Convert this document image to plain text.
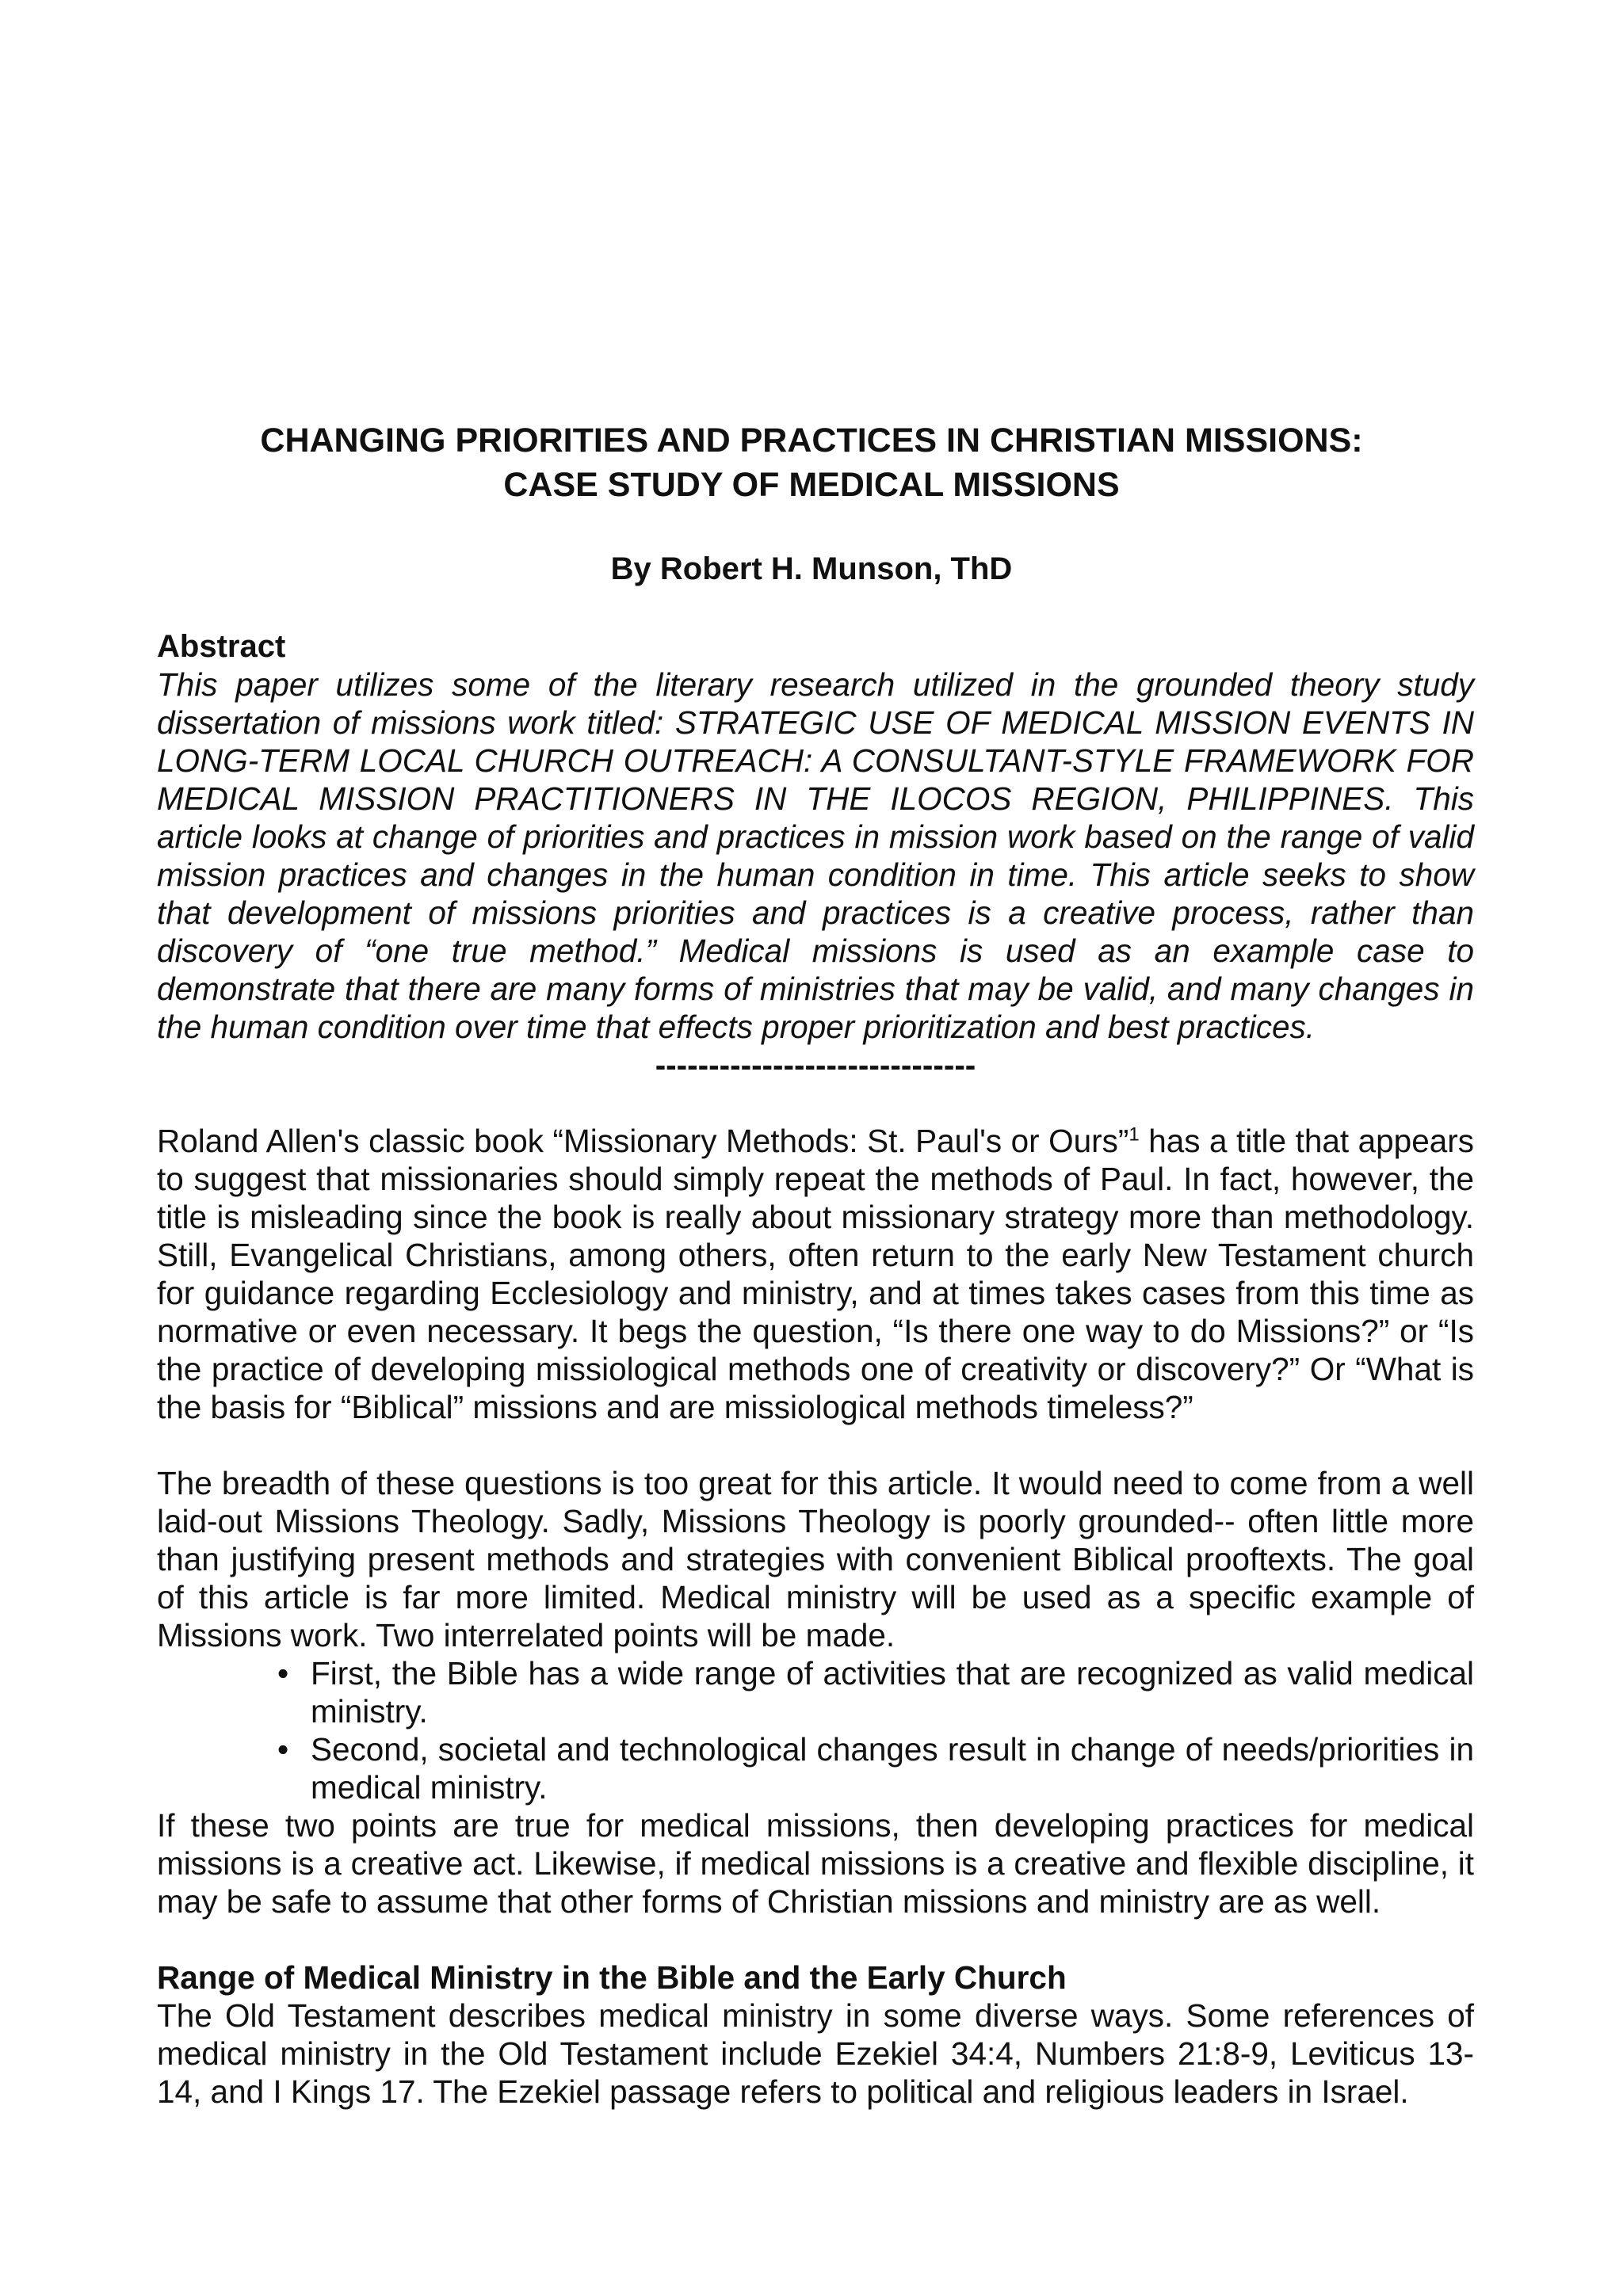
CHANGING PRIORITIES AND PRACTICES IN CHRISTIAN MISSIONS:
CASE STUDY OF MEDICAL MISSIONS
By Robert H. Munson, ThD

Abstract

This paper utilizes some of the literary research utilized in the grounded theory study dissertation of missions work titled: STRATEGIC USE OF MEDICAL MISSION EVENTS IN LONG-TERM LOCAL CHURCH OUTREACH: A CONSULTANT-STYLE FRAMEWORK FOR MEDICAL MISSION PRACTITIONERS IN THE ILOCOS REGION, PHILIPPINES. This article looks at change of priorities and practices in mission work based on the range of valid mission practices and changes in the human condition in time. This article seeks to show that development of missions priorities and practices is a creative process, rather than discovery of “one true method.” Medical missions is used as an example case to demonstrate that there are many forms of ministries that may be valid, and many changes in the human condition over time that effects proper prioritization and best practices.

------------------------------

Roland Allen's classic book “Missionary Methods: St. Paul's or Ours”$^1$ has a title that appears to suggest that missionaries should simply repeat the methods of Paul. In fact, however, the title is misleading since the book is really about missionary strategy more than methodology. Still, Evangelical Christians, among others, often return to the early New Testament church for guidance regarding Ecclesiology and ministry, and at times takes cases from this time as normative or even necessary. It begs the question, “Is there one way to do Missions?” or “Is the practice of developing missiological methods one of creativity or discovery?” Or “What is the basis for “Biblical” missions and are missiological methods timeless?”

The breadth of these questions is too great for this article. It would need to come from a well laid-out Missions Theology. Sadly, Missions Theology is poorly grounded-- often little more than justifying present methods and strategies with convenient Biblical prooftexts. The goal of this article is far more limited. Medical ministry will be used as a specific example of Missions work. Two interrelated points will be made.

• First, the Bible has a wide range of activities that are recognized as valid medical ministry.
• Second, societal and technological changes result in change of needs/priorities in medical ministry.

If these two points are true for medical missions, then developing practices for medical missions is a creative act. Likewise, if medical missions is a creative and flexible discipline, it may be safe to assume that other forms of Christian missions and ministry are as well.

Range of Medical Ministry in the Bible and the Early Church

The Old Testament describes medical ministry in some diverse ways. Some references of medical ministry in the Old Testament include Ezekiel 34:4, Numbers 21:8-9, Leviticus 13-14, and I Kings 17. The Ezekiel passage refers to political and religious leaders in Israel.
